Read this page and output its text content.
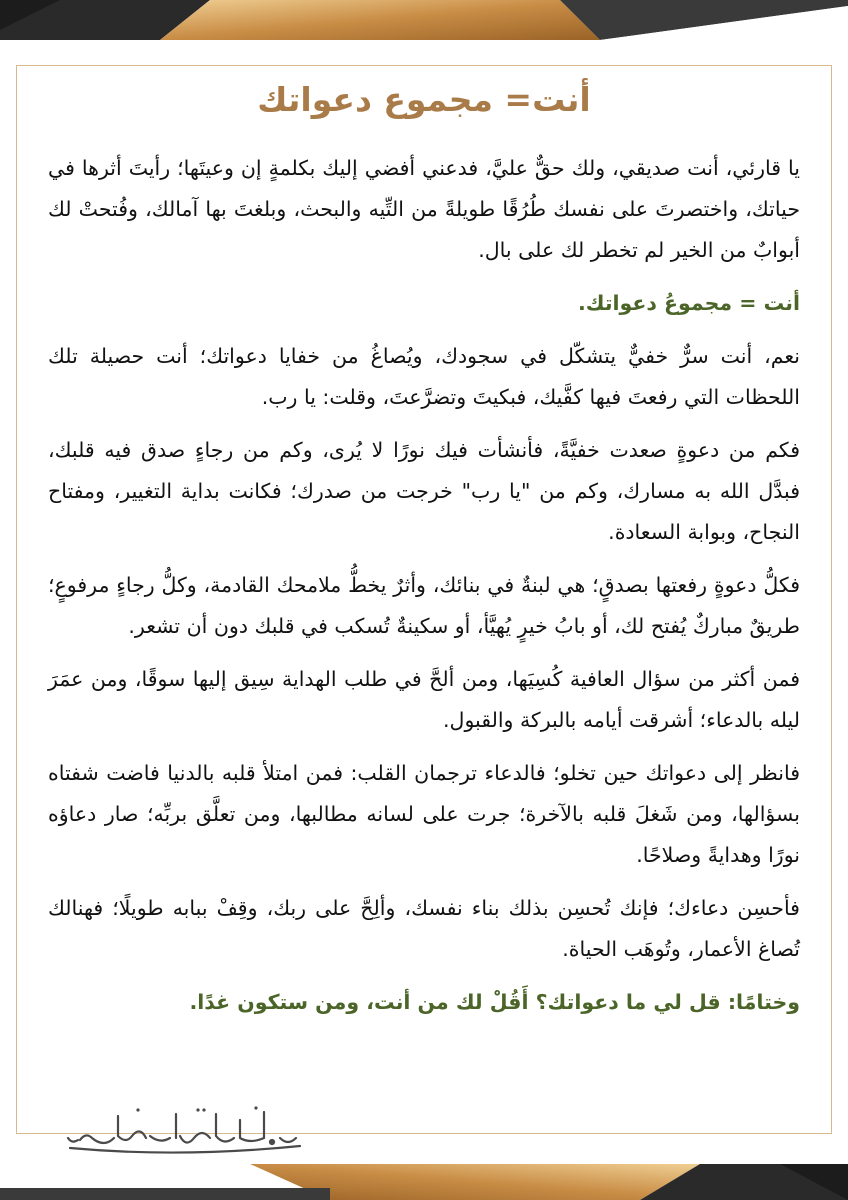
أنت= مجموع دعواتك

يا قارئي، أنت صديقي، ولك حقٌّ عليَّ، فدعني أفضي إليك بكلمةٍ إن وعيتَها؛ رأيتَ أثرها في حياتك، واختصرتَ على نفسك طُرُقًا طويلةً من التِّيه والبحث، وبلغتَ بها آمالك، وفُتحتْ لك أبوابٌ من الخير لم تخطر لك على بال.

أنت = مجموعُ دعواتك.

نعم، أنت سرٌّ خفيٌّ يتشكّل في سجودك، ويُصاغُ من خفايا دعواتك؛ أنت حصيلة تلك اللحظات التي رفعتَ فيها كفَّيك، فبكيتَ وتضرَّعتَ، وقلت: يا رب.

فكم من دعوةٍ صعدت خفيَّةً، فأنشأت فيك نورًا لا يُرى، وكم من رجاءٍ صدق فيه قلبك، فبدَّل الله به مسارك، وكم من "يا رب" خرجت من صدرك؛ فكانت بداية التغيير، ومفتاح النجاح، وبوابة السعادة.

فكلُّ دعوةٍ رفعتها بصدقٍ؛ هي لبنةٌ في بنائك، وأثرٌ يخطُّ ملامحك القادمة، وكلُّ رجاءٍ مرفوعٍ؛ طريقٌ مباركٌ يُفتح لك، أو بابُ خيرٍ يُهيَّأ، أو سكينةٌ تُسكب في قلبك دون أن تشعر.

فمن أكثر من سؤال العافية كُسِيَها، ومن ألحَّ في طلب الهداية سِيق إليها سوقًا، ومن عمَرَ ليله بالدعاء؛ أشرقت أيامه بالبركة والقبول.

فانظر إلى دعواتك حين تخلو؛ فالدعاء ترجمان القلب: فمن امتلأ قلبه بالدنيا فاضت شفتاه بسؤالها، ومن شَغلَ قلبه بالآخرة؛ جرت على لسانه مطالبها، ومن تعلَّق بربِّه؛ صار دعاؤه نورًا وهدايةً وصلاحًا.

فأحسِن دعاءك؛ فإنك تُحسِن بذلك بناء نفسك، وألِحَّ على ربك، وقِفْ ببابه طويلًا؛ فهنالك تُصاغ الأعمار، وتُوهَب الحياة.

وختامًا: قل لي ما دعواتك؟ أَقُلْ لك من أنت، ومن ستكون غدًا.
